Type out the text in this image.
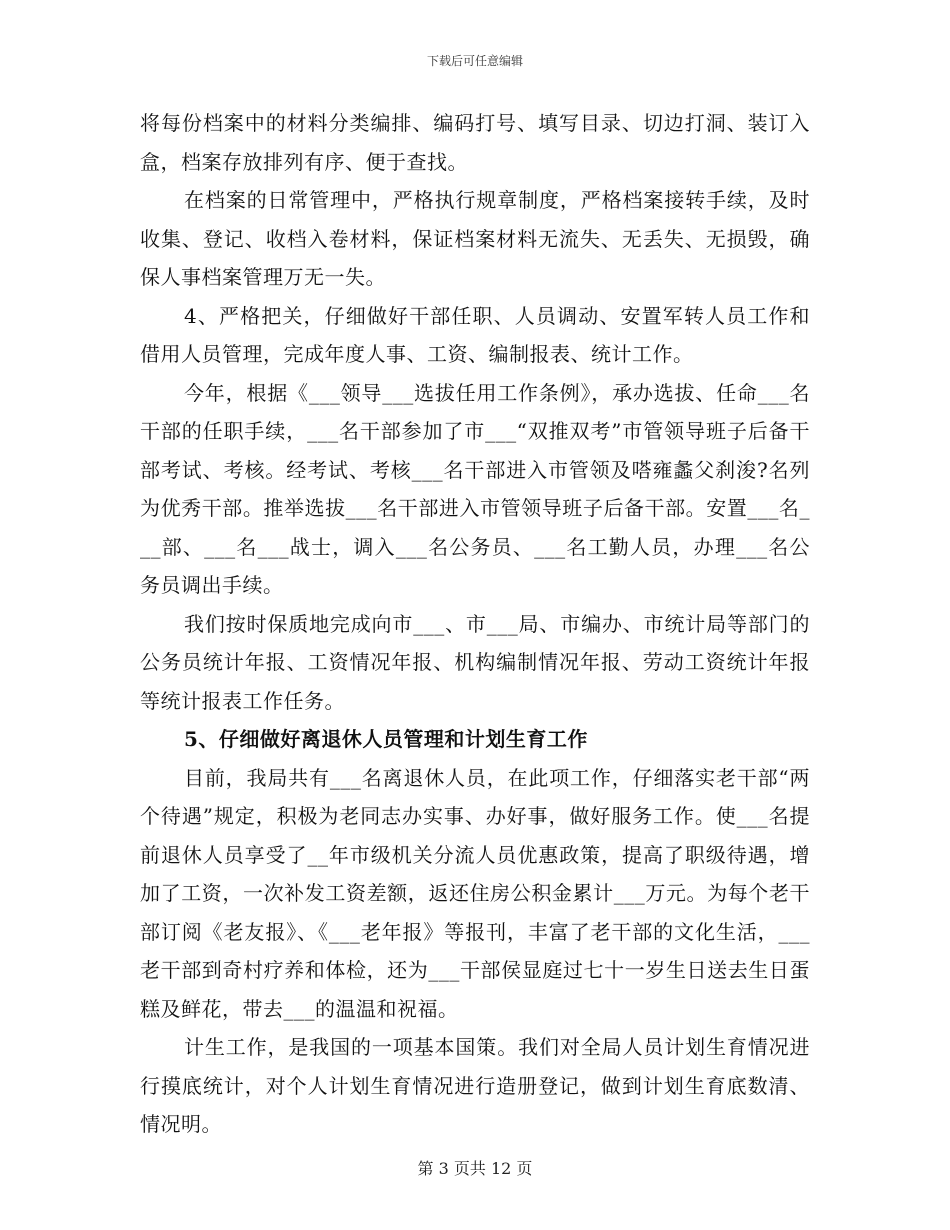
下载后可任意编辑

将每份档案中的材料分类编排、编码打号、填写目录、切边打洞、装订入盒，档案存放排列有序、便于查找。

在档案的日常管理中，严格执行规章制度，严格档案接转手续，及时收集、登记、收档入卷材料，保证档案材料无流失、无丢失、无损毁，确保人事档案管理万无一失。

4、严格把关，仔细做好干部任职、人员调动、安置军转人员工作和借用人员管理，完成年度人事、工资、编制报表、统计工作。

今年，根据《___领导___选拔任用工作条例》，承办选拔、任命___名干部的任职手续，___名干部参加了市___“双推双考”市管领导班子后备干部考试、考核。经考试、考核___名干部进入市管领及嗒雍蠡父刹浚?名列为优秀干部。推举选拔___名干部进入市管领导班子后备干部。安置___名___部、___名___战士，调入___名公务员、___名工勤人员，办理___名公务员调出手续。

我们按时保质地完成向市___、市___局、市编办、市统计局等部门的公务员统计年报、工资情况年报、机构编制情况年报、劳动工资统计年报等统计报表工作任务。

5、仔细做好离退休人员管理和计划生育工作

目前，我局共有___名离退休人员，在此项工作，仔细落实老干部“两个待遇”规定，积极为老同志办实事、办好事，做好服务工作。使___名提前退休人员享受了__年市级机关分流人员优惠政策，提高了职级待遇，增加了工资，一次补发工资差额，返还住房公积金累计___万元。为每个老干部订阅《老友报》、《___老年报》等报刊，丰富了老干部的文化生活，___老干部到奇村疗养和体检，还为___干部侯显庭过七十一岁生日送去生日蛋糕及鲜花，带去___的温温和祝福。

计生工作，是我国的一项基本国策。我们对全局人员计划生育情况进行摸底统计，对个人计划生育情况进行造册登记，做到计划生育底数清、情况明。

第 3 页共 12 页
